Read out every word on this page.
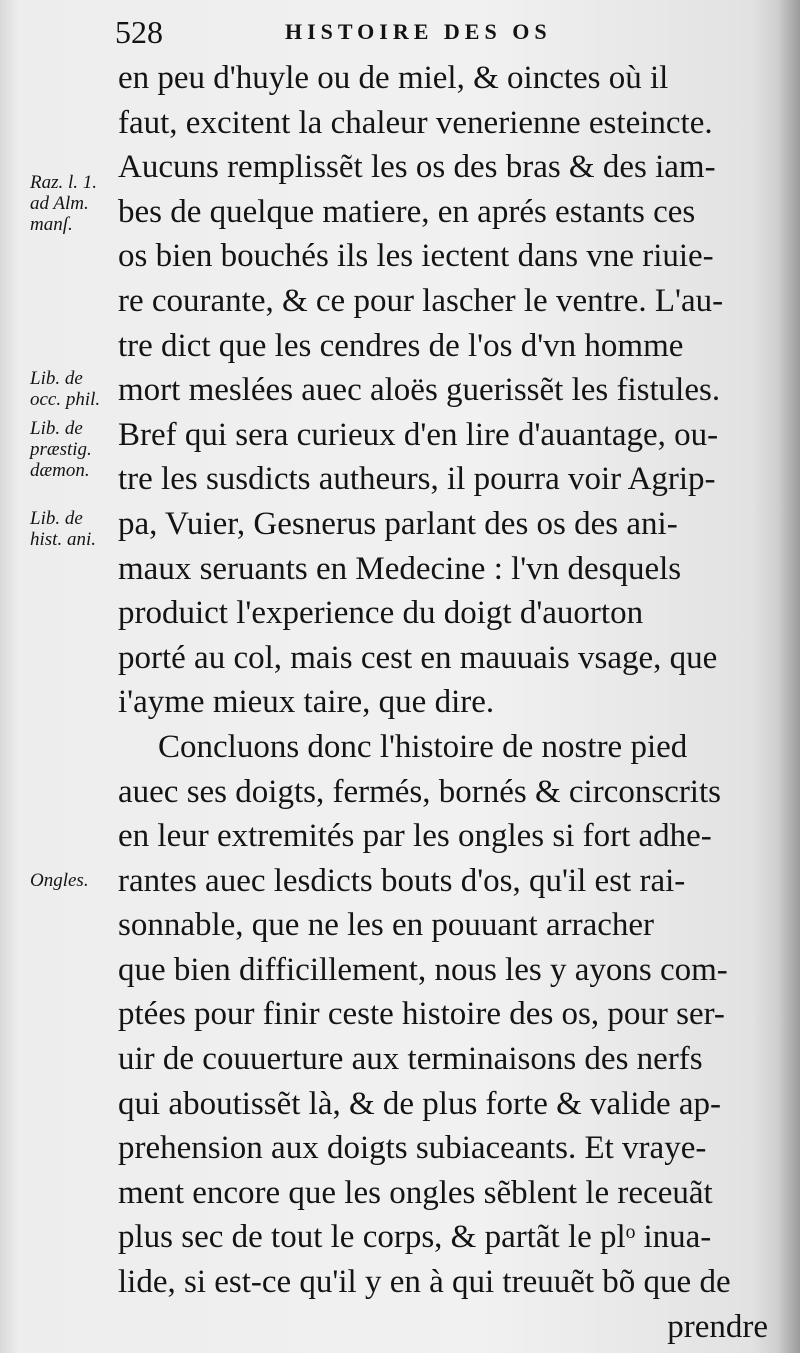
528	HISTOIRE DES OS
Raz. l. 1.
ad Alm.
manſ.
Lib. de
occ. phil.
Lib. de
præstig.
dæmon.
Lib. de
hist. ani.
Ongles.
en peu d'huyle ou de miel, & oinctes où il
faut, excitent la chaleur venerienne esteincte.
Aucuns remplissẽt les os des bras & des iam-
bes de quelque matiere, en aprés estants ces
os bien bouchés ils les iectent dans vne riuie-
re courante, & ce pour lascher le ventre. L'au-
tre dict que les cendres de l'os d'vn homme
mort meslées auec aloës guerissẽt les fistules.
Bref qui sera curieux d'en lire d'auantage, ou-
tre les susdicts autheurs, il pourra voir Agrip-
pa, Vuier, Gesnerus parlant des os des ani-
maux seruants en Medecine : l'vn desquels
produict l'experience du doigt d'auorton
porté au col, mais cest en mauuais vsage, que
i'ayme mieux taire, que dire.
Concluons donc l'histoire de nostre pied
auec ses doigts, fermés, bornés & circonscrits
en leur extremités par les ongles si fort adhe-
rantes auec lesdicts bouts d'os, qu'il est rai-
sonnable, que ne les en pouuant arracher
que bien difficillement, nous les y ayons com-
ptées pour finir ceste histoire des os, pour ser-
uir de couuerture aux terminaisons des nerfs
qui aboutissẽt là, & de plus forte & valide ap-
prehension aux doigts subiaceants. Et vraye-
ment encore que les ongles sẽblent le receuãt
plus sec de tout le corps, & partãt le plᵒ inua-
lide, si est-ce qu'il y en à qui treuuẽt bõ que de
prendre
